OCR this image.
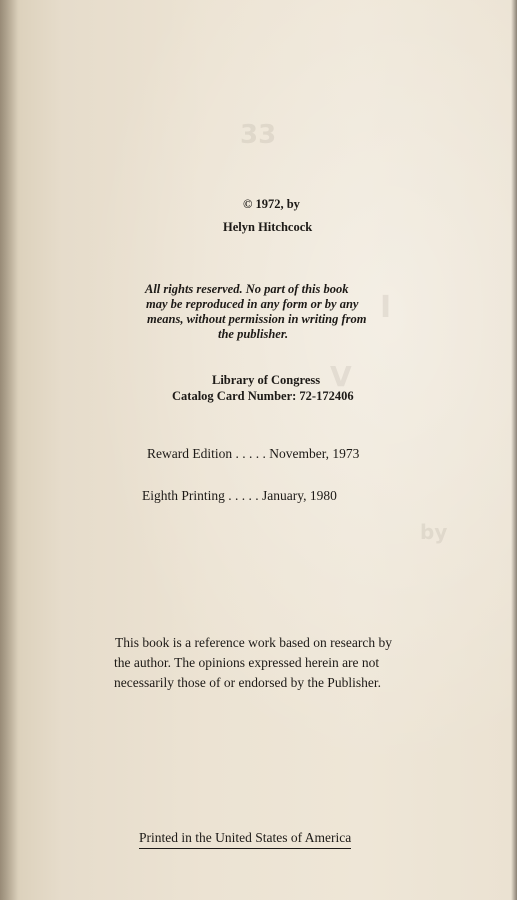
33
I
V
by
© 1972, by
Helyn Hitchcock
All rights reserved. No part of this book
may be reproduced in any form or by any
means, without permission in writing from
the publisher.
Library of Congress
Catalog Card Number: 72-172406
Reward Edition . . . . . November, 1973
Eighth Printing . . . . . January, 1980
This book is a reference work based on research by
the author. The opinions expressed herein are not
necessarily those of or endorsed by the Publisher.
Printed in the United States of America
